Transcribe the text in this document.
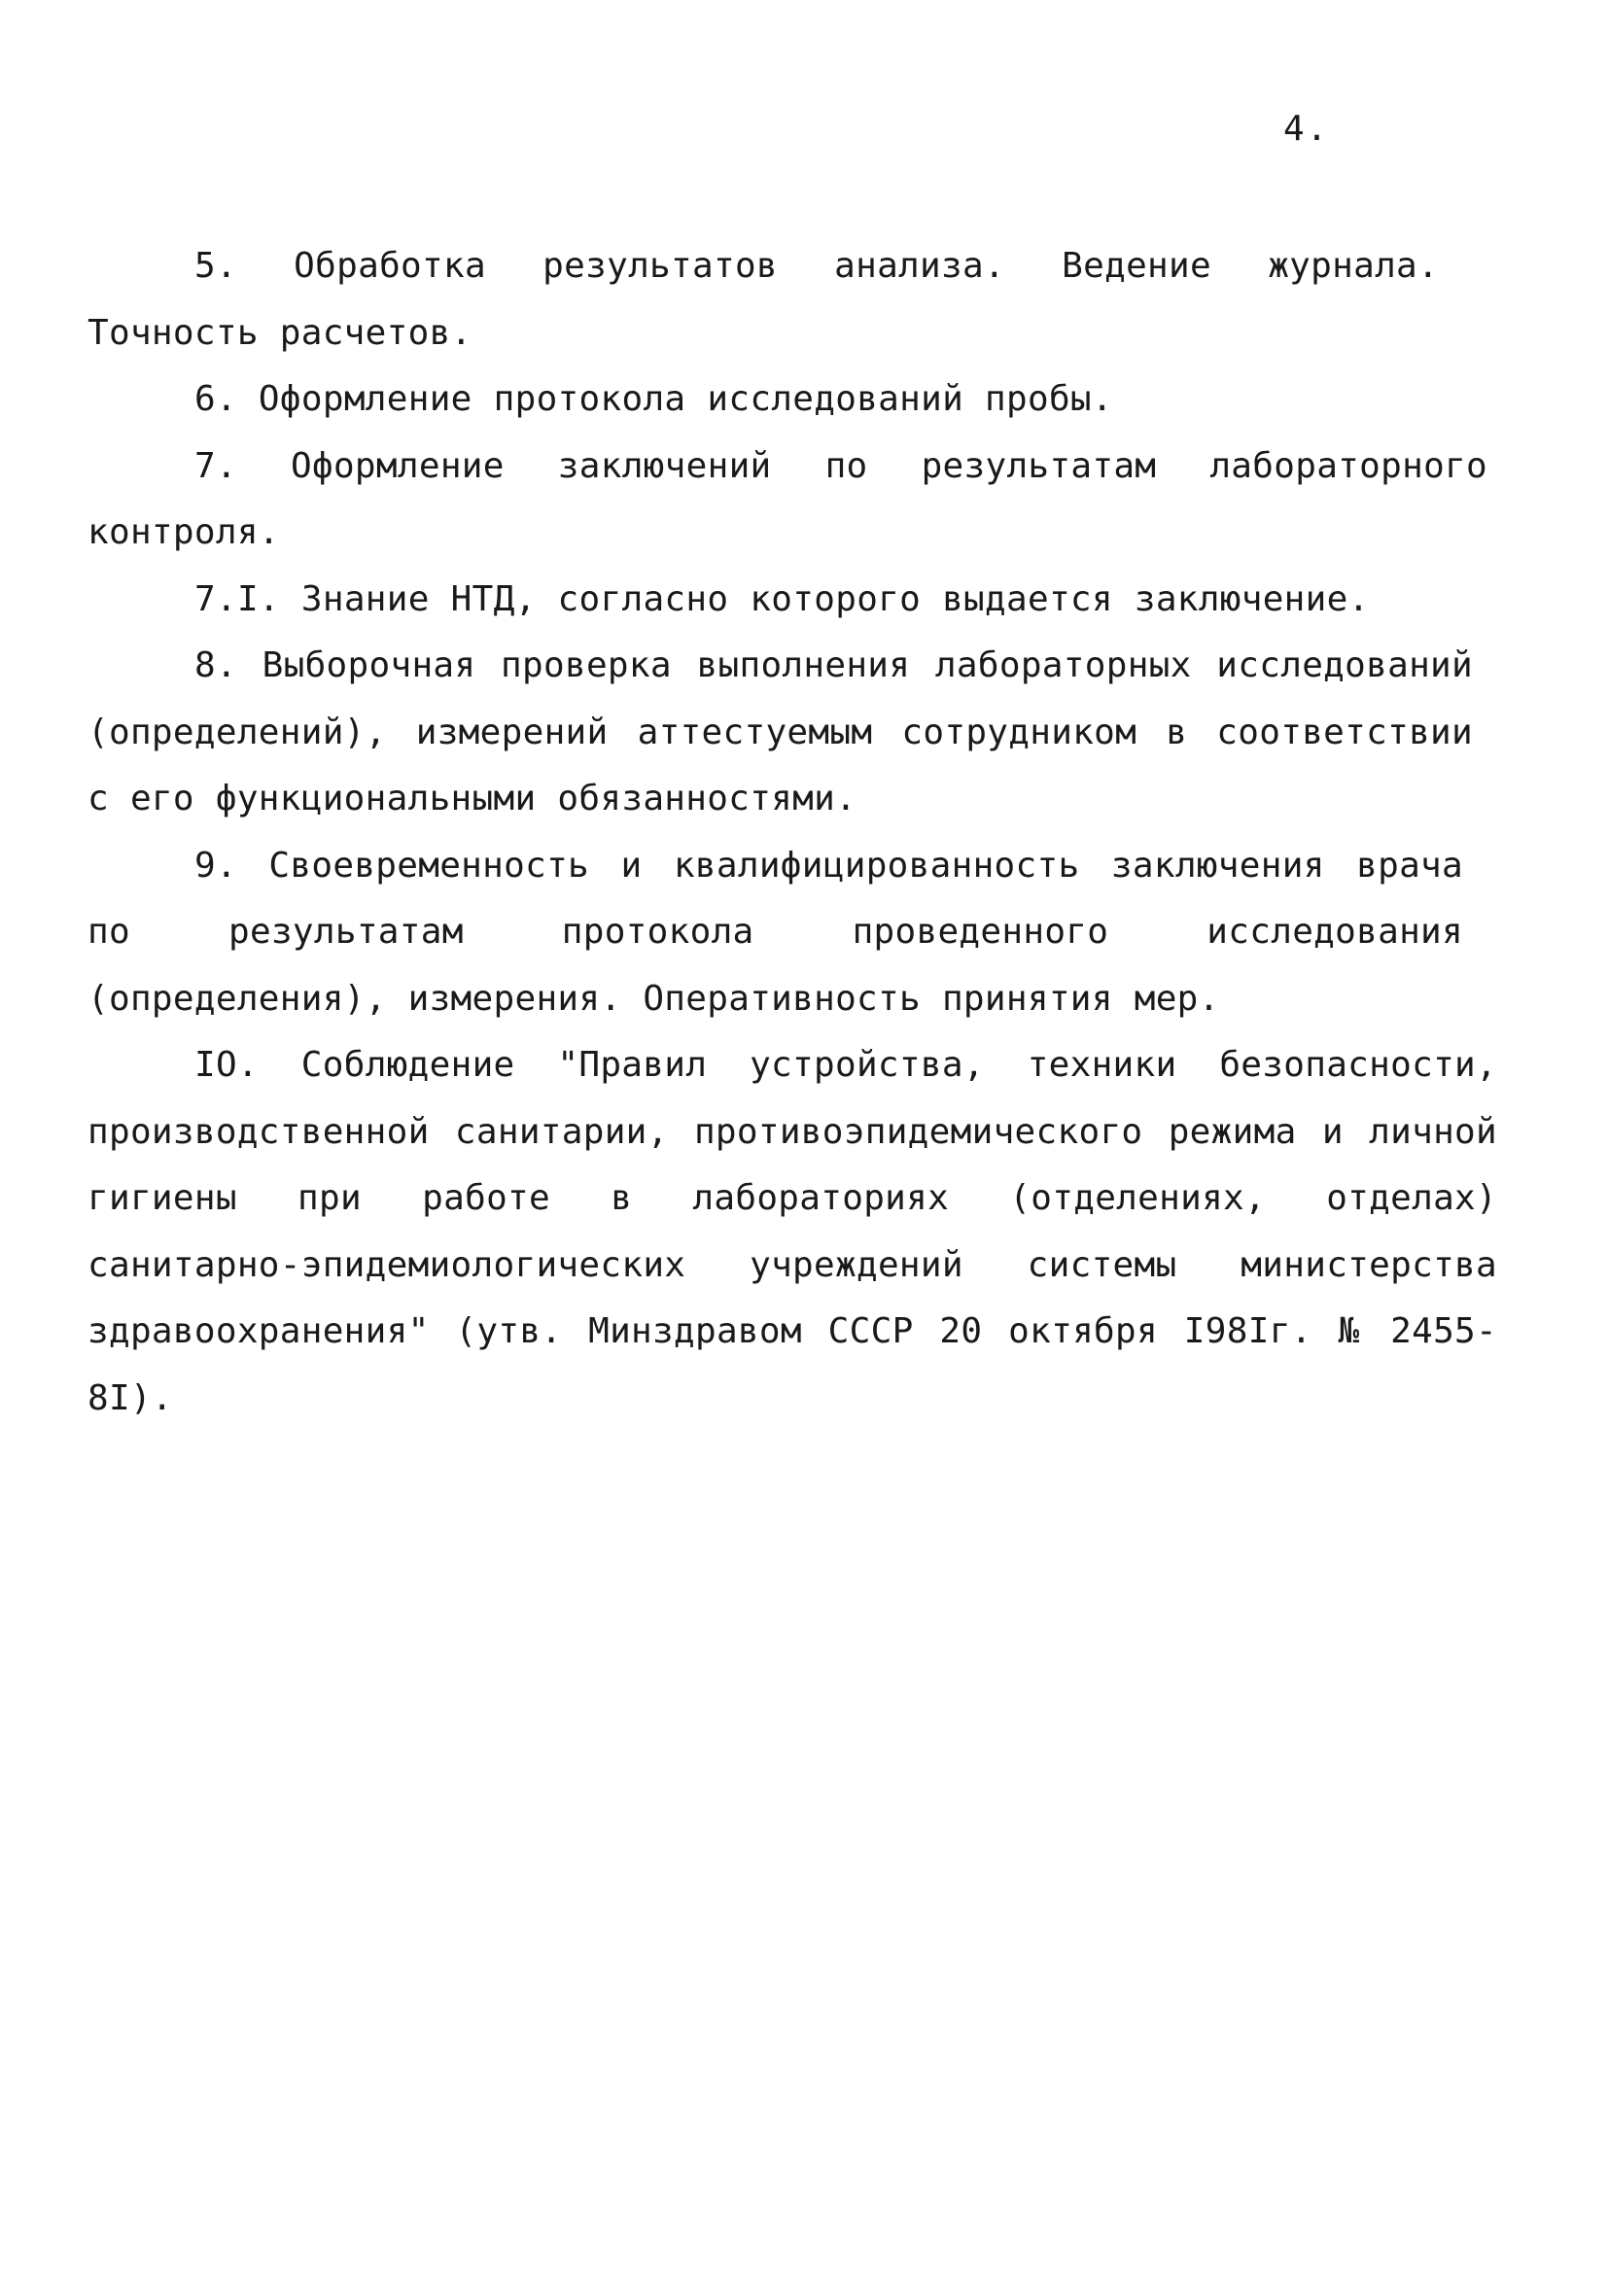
4.

5. Обработка результатов анализа. Ведение журнала. Точность расчетов.

6. Оформление протокола исследований пробы.

7. Оформление заключений по результатам лабораторного контроля.

7.I. Знание НТД, согласно которого выдается заключение.

8. Выборочная проверка выполнения лабораторных исследований (определений), измерений аттестуемым сотрудником в соответствии с его функциональными обязанностями.

9. Своевременность и квалифицированность заключения врача по результатам протокола проведенного исследования (определения), измерения. Оперативность принятия мер.

IO. Соблюдение "Правил устройства, техники безопасности, производственной санитарии, противоэпидемического режима и личной гигиены при работе в лабораториях (отделениях, отделах) санитарно-эпидемиологических учреждений системы министерства здравоохранения" (утв. Минздравом СССР 20 октября I98Iг. № 2455-8I).
